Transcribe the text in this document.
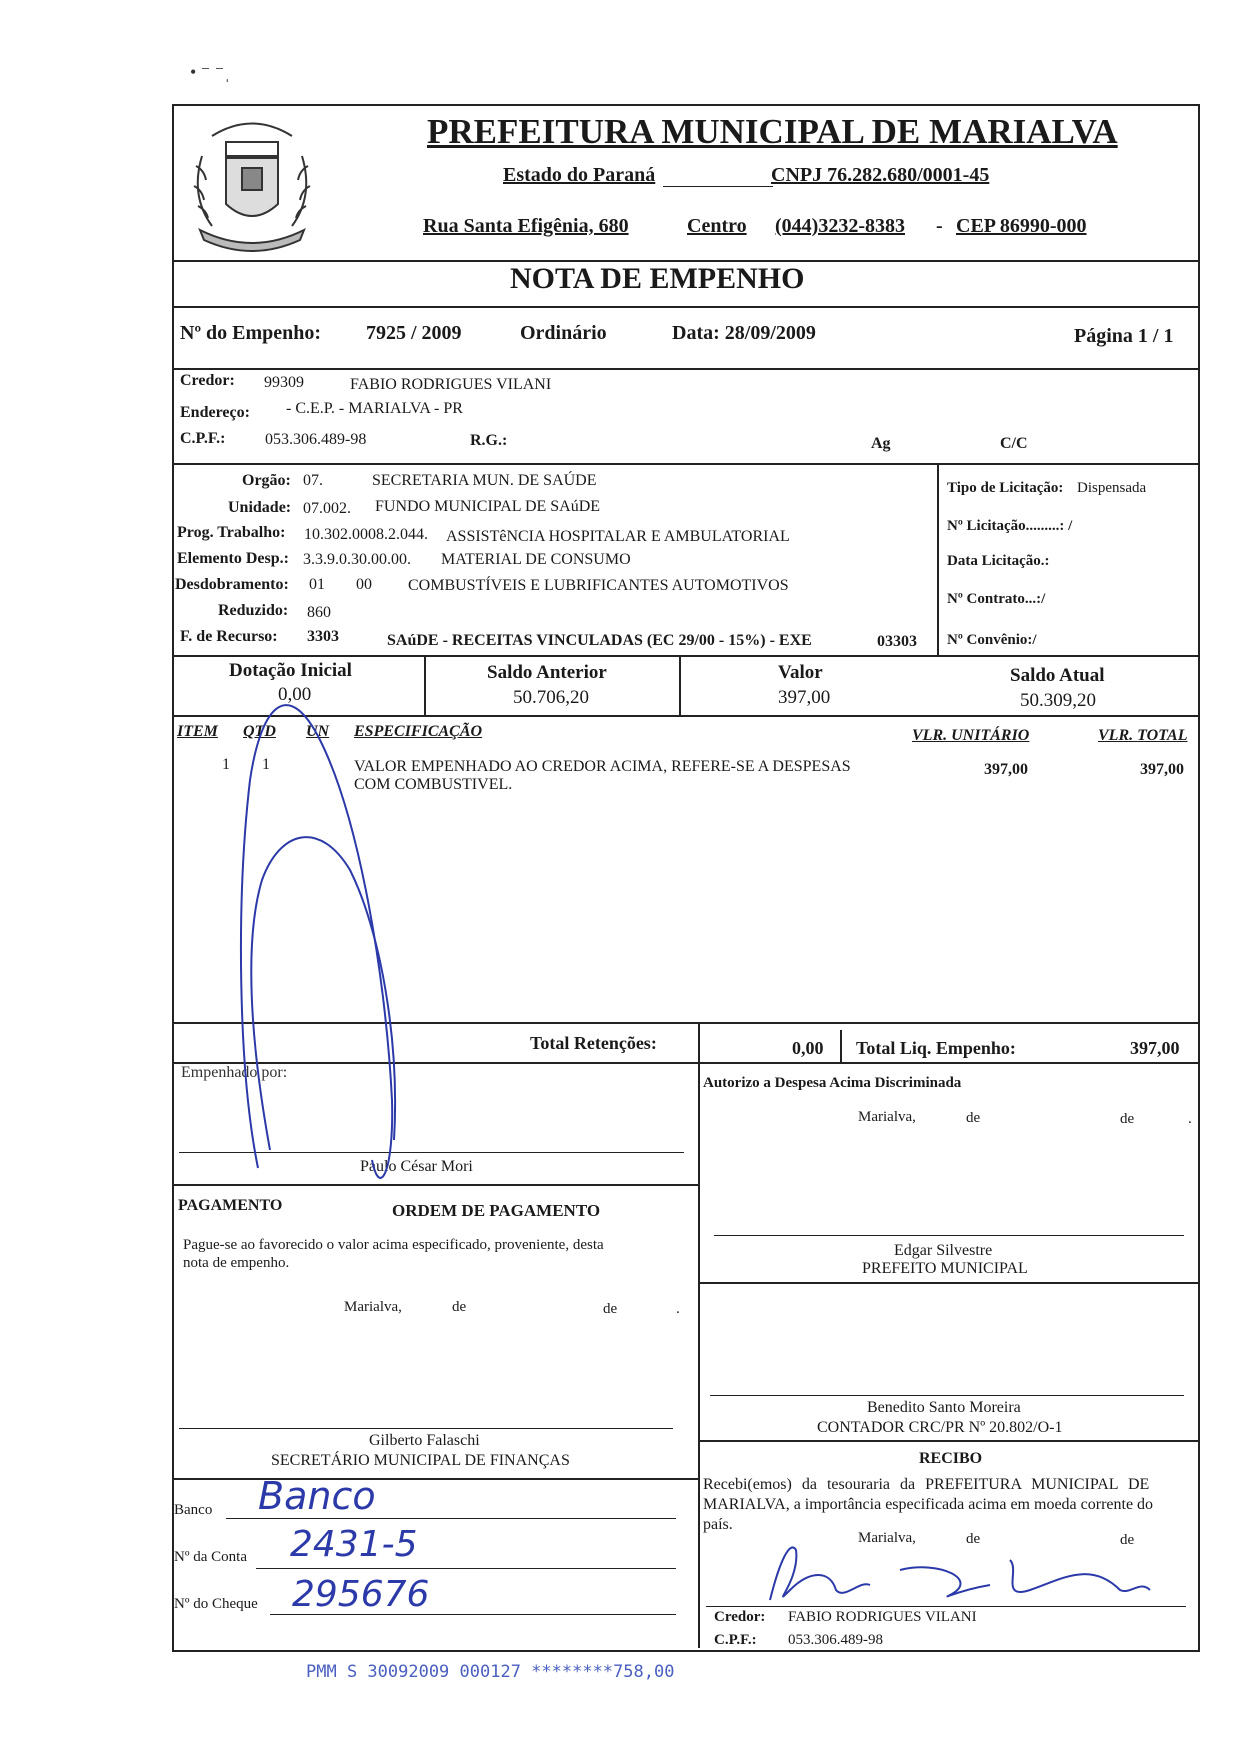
• ⁻ ⁻ˌ
MARIALVA
PREFEITURA MUNICIPAL DE MARIALVA
Estado do Paraná	CNPJ 76.282.680/0001-45
Rua Santa Efigênia, 680	Centro (044)3232-8383 - CEP 86990-000
NOTA DE EMPENHO
Nº do Empenho: 7925 / 2009	Ordinário	Data: 28/09/2009	Página 1 / 1
Credor: 99309	FABIO RODRIGUES VILANI
Endereço: - C.E.P. - MARIALVA - PR
C.P.F.: 053.306.489-98	R.G.:	Ag	C/C
Orgão: 07.	SECRETARIA MUN. DE SAÚDE
Unidade: 07.002. FUNDO MUNICIPAL DE SAúDE
Prog. Trabalho: 10.302.0008.2.044. ASSISTêNCIA HOSPITALAR E AMBULATORIAL
Elemento Desp.: 3.3.9.0.30.00.00. MATERIAL DE CONSUMO
Desdobramento: 01 00 COMBUSTÍVEIS E LUBRIFICANTES AUTOMOTIVOS
Reduzido: 860
F. de Recurso: 3303	SAúDE - RECEITAS VINCULADAS (EC 29/00 - 15%) - EXE	03303
Tipo de Licitação: Dispensada
Nº Licitação.........: /
Data Licitação.:
Nº Contrato...:/
Nº Convênio:/
Dotação Inicial
0,00
Saldo Anterior
50.706,20
Valor
397,00
Saldo Atual
50.309,20
ITEM QTD UN ESPECIFICAÇÃO	VLR. UNITÁRIO	VLR. TOTAL
1 1	VALOR EMPENHADO AO CREDOR ACIMA, REFERE-SE A DESPESAS
COM COMBUSTIVEL.
397,00	397,00
Total Retenções:	0,00 Total Liq. Empenho:	397,00
Empenhado por:
Paulo César Mori
PAGAMENTO	ORDEM DE PAGAMENTO
Pague-se ao favorecido o valor acima especificado, proveniente, desta
nota de empenho.
Marialva,	de	de	.
Gilberto Falaschi
SECRETÁRIO MUNICIPAL DE FINANÇAS
Banco Banco
Nº da Conta 2431-5
Nº do Cheque 295676
Autorizo a Despesa Acima Discriminada
Marialva,	de	de	.
Edgar Silvestre
PREFEITO MUNICIPAL
Benedito Santo Moreira
CONTADOR CRC/PR Nº 20.802/O-1
RECIBO
Recebi(emos) da tesouraria da PREFEITURA MUNICIPAL DE
MARIALVA, a importância especificada acima em moeda corrente do
país.
Marialva,	de	de
Credor: FABIO RODRIGUES VILANI
C.P.F.: 053.306.489-98
PMM S 30092009 000127 ********758,00
